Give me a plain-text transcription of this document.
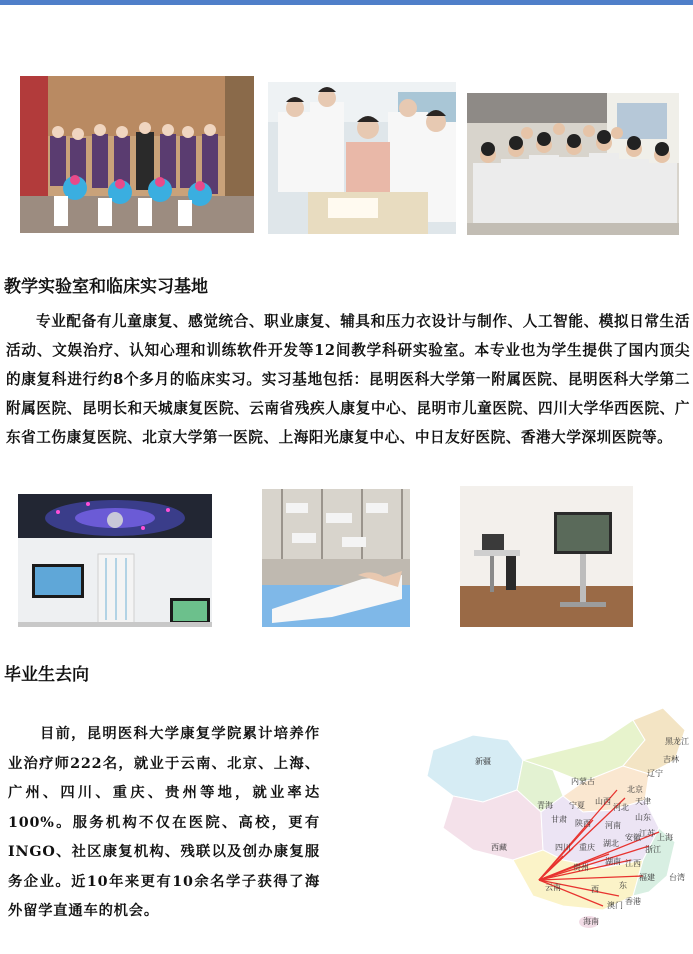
教学实验室和临床实习基地

专业配备有儿童康复、感觉统合、职业康复、辅具和压力衣设计与制作、人工智能、模拟日常生活活动、文娱治疗、认知心理和训练软件开发等12间教学科研实验室。本专业也为学生提供了国内顶尖的康复科进行约8个多月的临床实习。实习基地包括：昆明医科大学第一附属医院、昆明医科大学第二附属医院、昆明长和天城康复医院、云南省残疾人康复中心、昆明市儿童医院、四川大学华西医院、广东省工伤康复医院、北京大学第一医院、上海阳光康复中心、中日友好医院、香港大学深圳医院等。

毕业生去向

目前，昆明医科大学康复学院累计培养作业治疗师222名，就业于云南、北京、上海、广州、四川、重庆、贵州等地，就业率达100%。服务机构不仅在医院、高校，更有INGO、社区康复机构、残联以及创办康复服务企业。近10年来更有10余名学子获得了海外留学直通车的机会。

黑龙江
吉林
辽宁
内蒙古
北京
天津
河北
山东
新疆
西藏
青海
甘肃
宁夏 山西
陕西 河南
江苏 上海
安徽
湖北
浙江
四川 重庆
湖南 江西
福建
贵州
云南	西	东
台湾
香港
澳门
海南
